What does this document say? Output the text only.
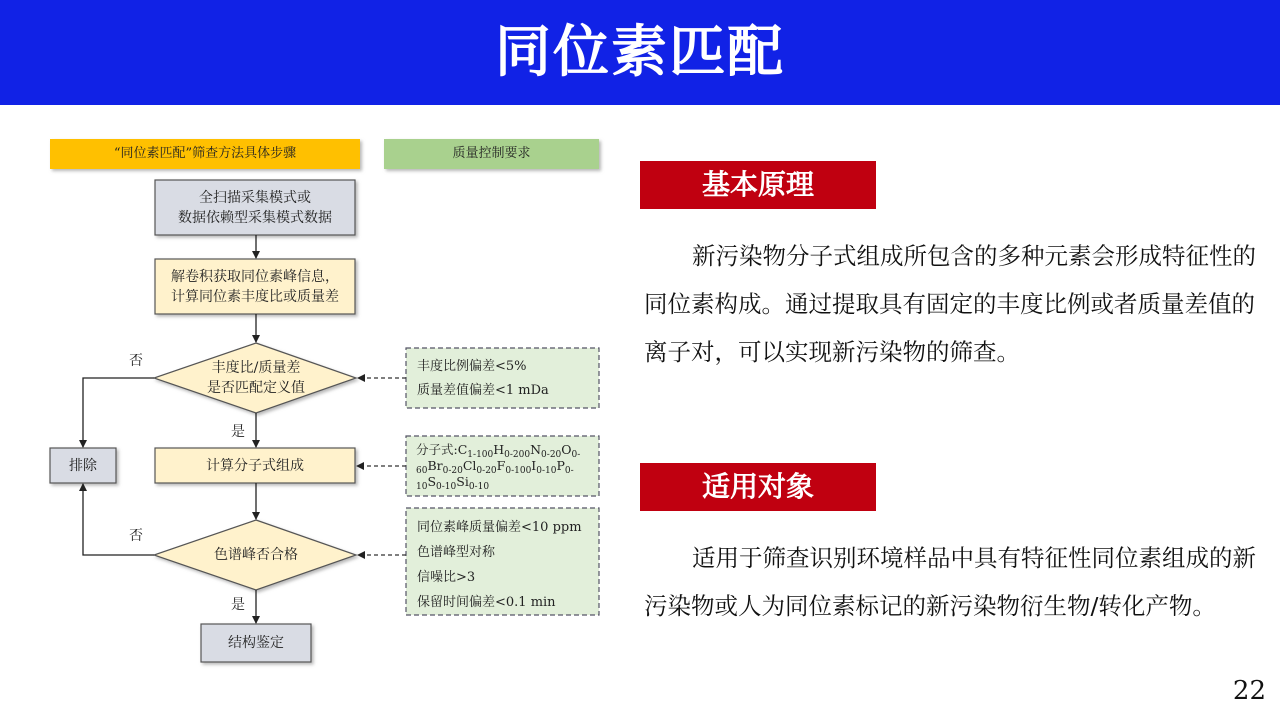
同位素匹配
“同位素匹配”筛查方法具体步骤	质量控制要求
全扫描采集模式或
数据依赖型采集模式数据
解卷积获取同位素峰信息，
计算同位素丰度比或质量差
丰度比/质量差
是否匹配定义值
计算分子式组成
色谱峰否合格
结构鉴定
排除
否
否
是
是
丰度比例偏差<5%
质量差值偏差<1 mDa
分子式$:C_{1-100}H_{0-200}N_{0-20}O_{0-60}Br_{0-20}Cl_{0-20}F_{0-100}I_{0-10}P_{0-10}S_{0-10}Si_{0-10}$
同位素峰质量偏差<10 ppm
色谱峰型对称
信噪比>3
保留时间偏差<0.1 min
基本原理
新污染物分子式组成所包含的多种元素会形成特征性的同位素构成。通过提取具有固定的丰度比例或者质量差值的离子对，可以实现新污染物的筛查。
适用对象
适用于筛查识别环境样品中具有特征性同位素组成的新污染物或人为同位素标记的新污染物衍生物/转化产物。
22
